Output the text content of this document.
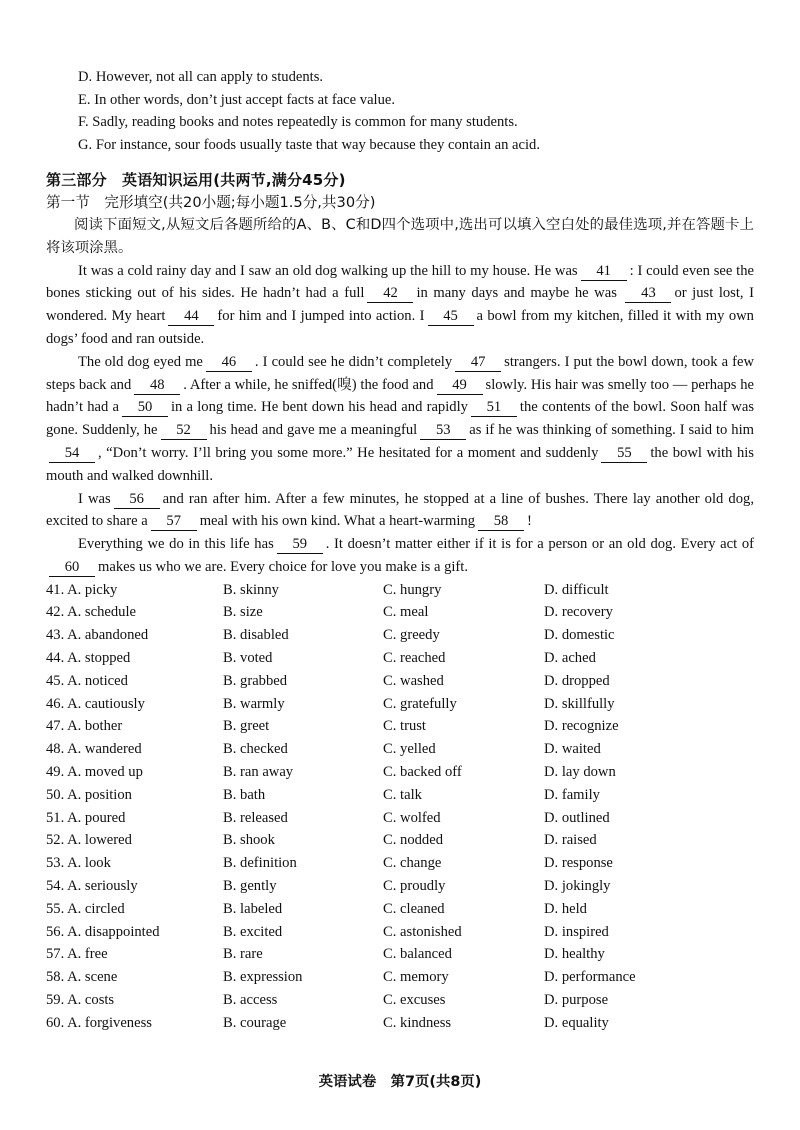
D. However, not all can apply to students.
E. In other words, don’t just accept facts at face value.
F. Sadly, reading books and notes repeatedly is common for many students.
G. For instance, sour foods usually taste that way because they contain an acid.
第三部分　英语知识运用(共两节,满分45分)
第一节　完形填空(共20小题;每小题1.5分,共30分)
阅读下面短文,从短文后各题所给的A、B、C和D四个选项中,选出可以填入空白处的最佳选项,并在答题卡上将该项涂黑。
It was a cold rainy day and I saw an old dog walking up the hill to my house. He was 41 : I could even see the bones sticking out of his sides. He hadn’t had a full 42 in many days and maybe he was 43 or just lost, I wondered. My heart 44 for him and I jumped into action. I 45 a bowl from my kitchen, filled it with my own dogs’ food and ran outside.
The old dog eyed me 46 . I could see he didn’t completely 47 strangers. I put the bowl down, took a few steps back and 48 . After a while, he sniffed(嗅) the food and 49 slowly. His hair was smelly too — perhaps he hadn’t had a 50 in a long time. He bent down his head and rapidly 51 the contents of the bowl. Soon half was gone. Suddenly, he 52 his head and gave me a meaningful 53 as if he was thinking of something. I said to him54 , “Don’t worry. I’ll bring you some more.” He hesitated for a moment and suddenly 55 the bowl with his mouth and walked downhill.
I was 56 and ran after him. After a few minutes, he stopped at a line of bushes. There lay another old dog, excited to share a 57 meal with his own kind. What a heart-warming 58 !
Everything we do in this life has 59 . It doesn’t matter either if it is for a person or an old dog. Every act of60 makes us who we are. Every choice for love you make is a gift.
41. A. picky	B. skinny	C. hungry	D. difficult
42. A. schedule	B. size	C. meal	D. recovery
43. A. abandoned	B. disabled	C. greedy	D. domestic
44. A. stopped	B. voted	C. reached	D. ached
45. A. noticed	B. grabbed	C. washed	D. dropped
46. A. cautiously	B. warmly	C. gratefully	D. skillfully
47. A. bother	B. greet	C. trust	D. recognize
48. A. wandered	B. checked	C. yelled	D. waited
49. A. moved up	B. ran away	C. backed off	D. lay down
50. A. position	B. bath	C. talk	D. family
51. A. poured	B. released	C. wolfed	D. outlined
52. A. lowered	B. shook	C. nodded	D. raised
53. A. look	B. definition	C. change	D. response
54. A. seriously	B. gently	C. proudly	D. jokingly
55. A. circled	B. labeled	C. cleaned	D. held
56. A. disappointed	B. excited	C. astonished	D. inspired
57. A. free	B. rare	C. balanced	D. healthy
58. A. scene	B. expression	C. memory	D. performance
59. A. costs	B. access	C. excuses	D. purpose
60. A. forgiveness	B. courage	C. kindness	D. equality
英语试卷　第7页(共8页)
